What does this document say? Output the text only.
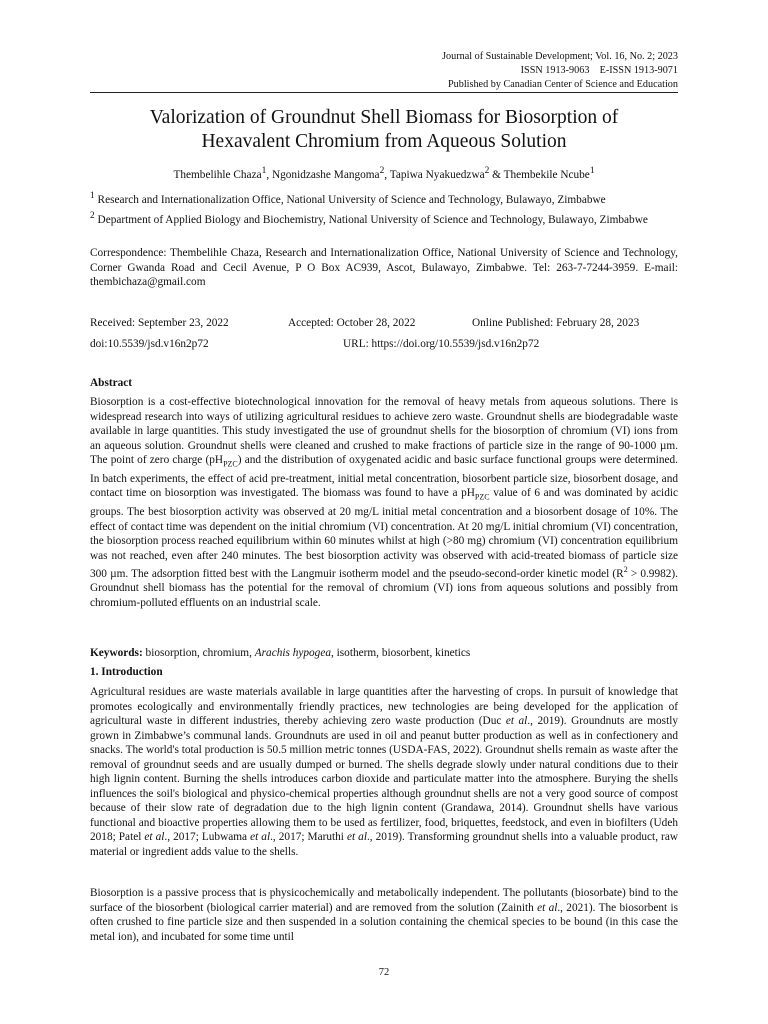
Journal of Sustainable Development; Vol. 16, No. 2; 2023
ISSN 1913-9063    E-ISSN 1913-9071
Published by Canadian Center of Science and Education
Valorization of Groundnut Shell Biomass for Biosorption of
Hexavalent Chromium from Aqueous Solution
Thembelihle Chaza$^1$, Ngonidzashe Mangoma$^2$, Tapiwa Nyakuedzwa$^2$ & Thembekile Ncube$^1$
$^1$ Research and Internationalization Office, National University of Science and Technology, Bulawayo, Zimbabwe
$^2$ Department of Applied Biology and Biochemistry, National University of Science and Technology, Bulawayo, Zimbabwe
Correspondence: Thembelihle Chaza, Research and Internationalization Office, National University of Science and Technology, Corner Gwanda Road and Cecil Avenue, P O Box AC939, Ascot, Bulawayo, Zimbabwe. Tel: 263-7-7244-3959. E-mail: thembichaza@gmail.com
Received: September 23, 2022	Accepted: October 28, 2022	Online Published: February 28, 2023
doi:10.5539/jsd.v16n2p72	URL: https://doi.org/10.5539/jsd.v16n2p72
Abstract
Biosorption is a cost-effective biotechnological innovation for the removal of heavy metals from aqueous solutions. There is widespread research into ways of utilizing agricultural residues to achieve zero waste. Groundnut shells are biodegradable waste available in large quantities. This study investigated the use of groundnut shells for the biosorption of chromium (VI) ions from an aqueous solution. Groundnut shells were cleaned and crushed to make fractions of particle size in the range of 90-1000 µm. The point of zero charge $(pH_{PZC})$ and the distribution of oxygenated acidic and basic surface functional groups were determined. In batch experiments, the effect of acid pre-treatment, initial metal concentration, biosorbent particle size, biosorbent dosage, and contact time on biosorption was investigated. The biomass was found to have a $pH_{PZC}$ value of 6 and was dominated by acidic groups. The best biosorption activity was observed at 20 mg/L initial metal concentration and a biosorbent dosage of 10%. The effect of contact time was dependent on the initial chromium (VI) concentration. At 20 mg/L initial chromium (VI) concentration, the biosorption process reached equilibrium within 60 minutes whilst at high (>80 mg) chromium (VI) concentration equilibrium was not reached, even after 240 minutes. The best biosorption activity was observed with acid-treated biomass of particle size 300 µm. The adsorption fitted best with the Langmuir isotherm model and the pseudo-second-order kinetic model $(R^2 > 0.9982)$. Groundnut shell biomass has the potential for the removal of chromium (VI) ions from aqueous solutions and possibly from chromium-polluted effluents on an industrial scale.
Keywords: biosorption, chromium, Arachis hypogea, isotherm, biosorbent, kinetics
1. Introduction
Agricultural residues are waste materials available in large quantities after the harvesting of crops. In pursuit of knowledge that promotes ecologically and environmentally friendly practices, new technologies are being developed for the application of agricultural waste in different industries, thereby achieving zero waste production (Duc et al., 2019). Groundnuts are mostly grown in Zimbabwe’s communal lands. Groundnuts are used in oil and peanut butter production as well as in confectionery and snacks. The world's total production is 50.5 million metric tonnes (USDA-FAS, 2022). Groundnut shells remain as waste after the removal of groundnut seeds and are usually dumped or burned. The shells degrade slowly under natural conditions due to their high lignin content. Burning the shells introduces carbon dioxide and particulate matter into the atmosphere. Burying the shells influences the soil's biological and physico-chemical properties although groundnut shells are not a very good source of compost because of their slow rate of degradation due to the high lignin content (Grandawa, 2014). Groundnut shells have various functional and bioactive properties allowing them to be used as fertilizer, food, briquettes, feedstock, and even in biofilters (Udeh 2018; Patel et al., 2017; Lubwama et al., 2017; Maruthi et al., 2019). Transforming groundnut shells into a valuable product, raw material or ingredient adds value to the shells.
Biosorption is a passive process that is physicochemically and metabolically independent. The pollutants (biosorbate) bind to the surface of the biosorbent (biological carrier material) and are removed from the solution (Zainith et al., 2021). The biosorbent is often crushed to fine particle size and then suspended in a solution containing the chemical species to be bound (in this case the metal ion), and incubated for some time until
72
